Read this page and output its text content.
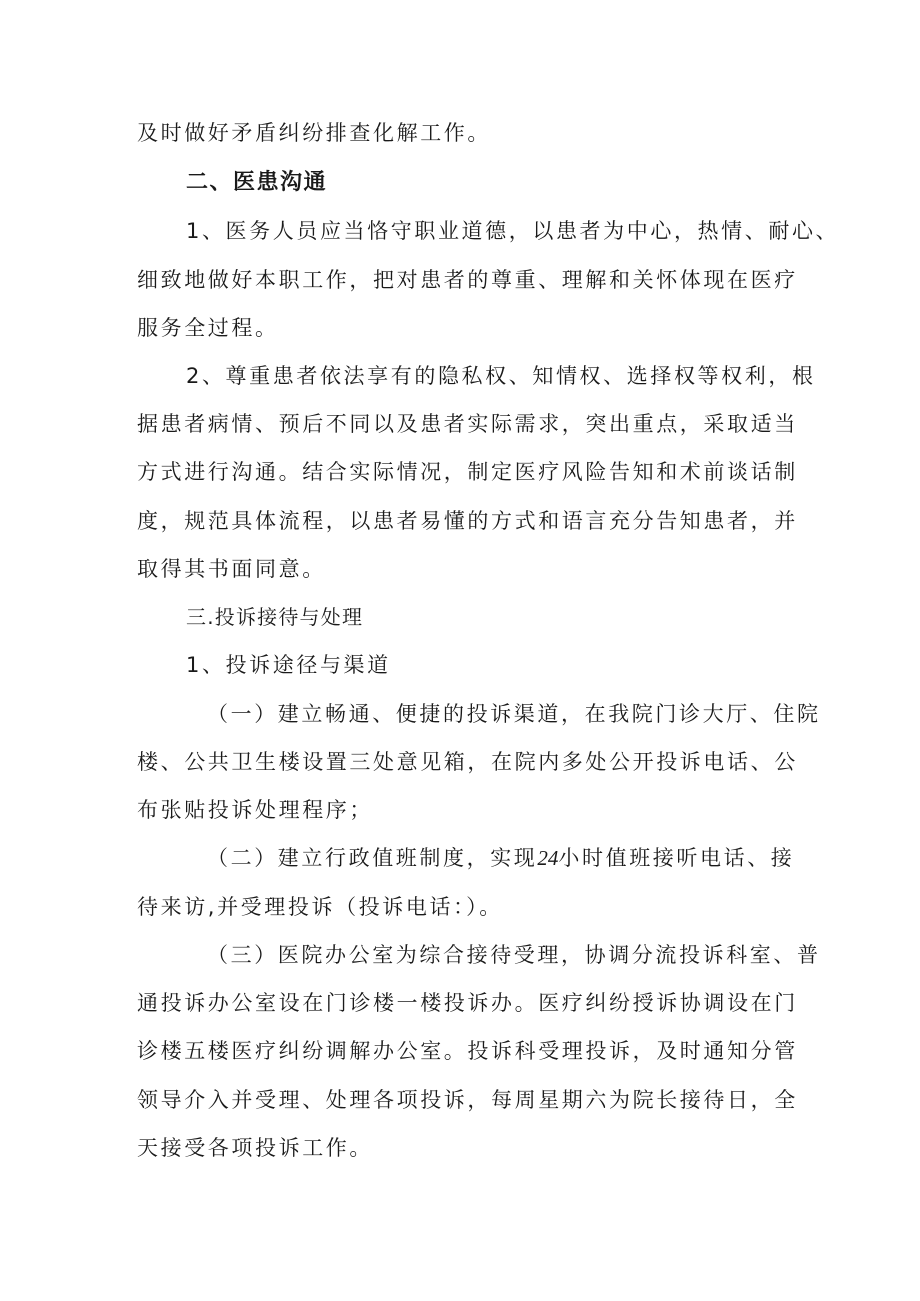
及时做好矛盾纠纷排查化解工作。
二、医患沟通
1、医务人员应当恪守职业道德，以患者为中心，热情、耐心、
细致地做好本职工作，把对患者的尊重、理解和关怀体现在医疗
服务全过程。
2、尊重患者依法享有的隐私权、知情权、选择权等权利，根
据患者病情、预后不同以及患者实际需求，突出重点，采取适当
方式进行沟通。结合实际情况，制定医疗风险告知和术前谈话制
度，规范具体流程，以患者易懂的方式和语言充分告知患者，并
取得其书面同意。
三.投诉接待与处理
1、投诉途径与渠道
（一）建立畅通、便捷的投诉渠道，在我院门诊大厅、住院
楼、公共卫生楼设置三处意见箱，在院内多处公开投诉电话、公
布张贴投诉处理程序；
（二）建立行政值班制度，实现24小时值班接听电话、接
待来访,并受理投诉（投诉电话：）。
（三）医院办公室为综合接待受理，协调分流投诉科室、普
通投诉办公室设在门诊楼一楼投诉办。医疗纠纷授诉协调设在门
诊楼五楼医疗纠纷调解办公室。投诉科受理投诉，及时通知分管
领导介入并受理、处理各项投诉，每周星期六为院长接待日，全
天接受各项投诉工作。
